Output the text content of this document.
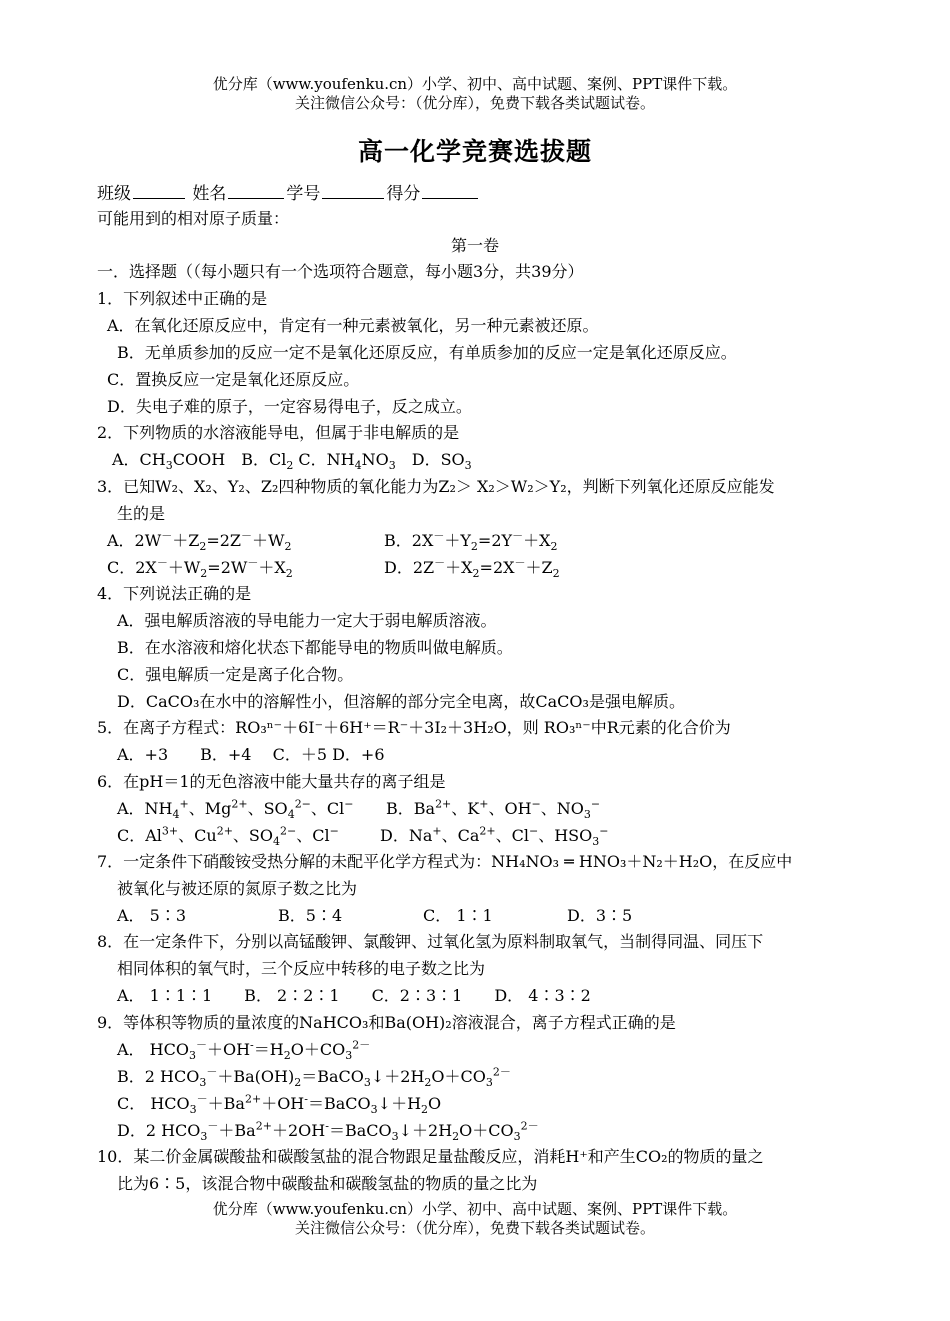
优分库（www.youfenku.cn）小学、初中、高中试题、案例、PPT课件下载。
关注微信公众号：（优分库），免费下载各类试题试卷。
高一化学竞赛选拔题
班级	姓名	学号	得分
可能用到的相对原子质量：
第一卷
一．选择题（（每小题只有一个选项符合题意，每小题3分，共39分）
1．下列叙述中正确的是
A．在氧化还原反应中，肯定有一种元素被氧化，另一种元素被还原。
B．无单质参加的反应一定不是氧化还原反应，有单质参加的反应一定是氧化还原反应。
C．置换反应一定是氧化还原反应。
D．失电子难的原子，一定容易得电子，反之成立。
2．下列物质的水溶液能导电，但属于非电解质的是
A．$CH_3COOH$　B．$Cl_2$ C．$NH_4NO_3$　D．$SO_3$
3．已知W₂、X₂、Y₂、Z₂四种物质的氧化能力为Z₂＞ X₂＞W₂＞Y₂，判断下列氧化还原反应能发
生的是
A．$2W^-+Z_2=2Z^-+W_2$	B．$2X^-+Y_2=2Y^-+X_2$
C．$2X^-+W_2=2W^-+X_2$	D．$2Z^-+X_2=2X^-+Z_2$
4．下列说法正确的是
A．强电解质溶液的导电能力一定大于弱电解质溶液。
B．在水溶液和熔化状态下都能导电的物质叫做电解质。
C．强电解质一定是离子化合物。
D．CaCO₃在水中的溶解性小，但溶解的部分完全电离，故CaCO₃是强电解质。
5．在离子方程式：RO₃ⁿ⁻＋6I⁻＋6H⁺＝R⁻＋3I₂＋3H₂O，则 RO₃ⁿ⁻中R元素的化合价为
A．+3　　B．+4　 C．＋5 D．+6
6．在pH＝1的无色溶液中能大量共存的离子组是
A．$NH_4^+$、$Mg^{2+}$、$SO_4^{2-}$、Cl− B．$Ba^{2+}$、K+、OH−、$NO_3^-$
C．$Al^{3+}$、$Cu^{2+}$、$SO_4^{2-}$、Cl−	D．Na+、$Ca^{2+}$、Cl−、$HSO_3^-$
7．一定条件下硝酸铵受热分解的未配平化学方程式为：NH₄NO₃ ═ HNO₃＋N₂＋H₂O，在反应中
被氧化与被还原的氮原子数之比为
A． 5∶3	B．5∶4	C． 1∶1	D．3∶5
8．在一定条件下，分别以高锰酸钾、氯酸钾、过氧化氢为原料制取氧气，当制得同温、同压下
相同体积的氧气时，三个反应中转移的电子数之比为
A． 1∶1∶1　　B． 2∶2∶1　　C．2∶3∶1　　D． 4∶3∶2
9．等体积等物质的量浓度的NaHCO₃和Ba(OH)₂溶液混合，离子方程式正确的是
A． $HCO_3^-+OH^-=H_2O+CO_3^{2-}$
B．2 $HCO_3^-+Ba(OH)_2=BaCO_3↓+2H_2O+CO_3^{2-}$
C． $HCO_3^-+Ba^{2+}+OH^-=BaCO_3↓+H_2O$
D．2 $HCO_3^-+Ba^{2+}+2OH^-=BaCO_3↓+2H_2O+CO_3^{2-}$
10．某二价金属碳酸盐和碳酸氢盐的混合物跟足量盐酸反应，消耗H⁺和产生CO₂的物质的量之
比为6∶5，该混合物中碳酸盐和碳酸氢盐的物质的量之比为
优分库（www.youfenku.cn）小学、初中、高中试题、案例、PPT课件下载。
关注微信公众号：（优分库），免费下载各类试题试卷。
